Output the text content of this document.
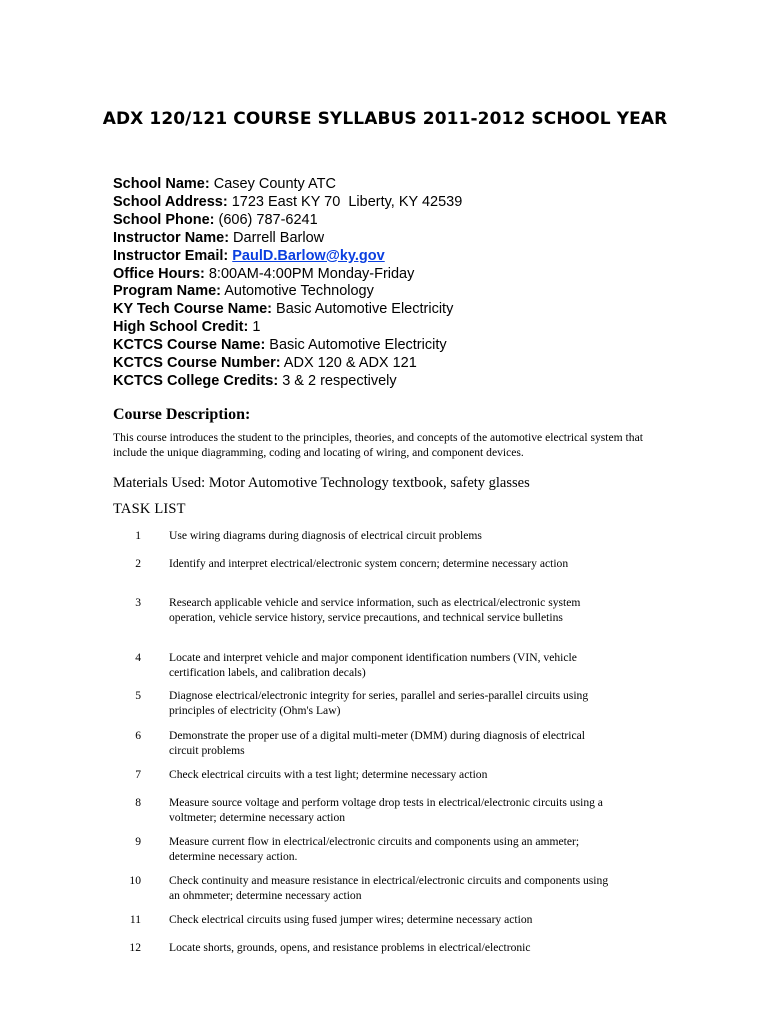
ADX 120/121 COURSE SYLLABUS 2011-2012 SCHOOL YEAR
School Name: Casey County ATC
School Address: 1723 East KY 70  Liberty, KY 42539
School Phone: (606) 787-6241
Instructor Name: Darrell Barlow
Instructor Email: PaulD.Barlow@ky.gov
Office Hours: 8:00AM-4:00PM Monday-Friday
Program Name: Automotive Technology
KY Tech Course Name: Basic Automotive Electricity
High School Credit: 1
KCTCS Course Name: Basic Automotive Electricity
KCTCS Course Number: ADX 120 & ADX 121
KCTCS College Credits: 3 & 2 respectively
Course Description:
This course introduces the student to the principles, theories, and concepts of the automotive electrical system that include the unique diagramming, coding and locating of wiring, and component devices.
Materials Used: Motor Automotive Technology textbook, safety glasses
TASK LIST
1 Use wiring diagrams during diagnosis of electrical circuit problems
2 Identify and interpret electrical/electronic system concern; determine necessary action
3 Research applicable vehicle and service information, such as electrical/electronic system operation, vehicle service history, service precautions, and technical service bulletins
4 Locate and interpret vehicle and major component identification numbers (VIN, vehicle certification labels, and calibration decals)
5 Diagnose electrical/electronic integrity for series, parallel and series-parallel circuits using principles of electricity (Ohm's Law)
6 Demonstrate the proper use of a digital multi-meter (DMM) during diagnosis of electrical circuit problems
7 Check electrical circuits with a test light; determine necessary action
8 Measure source voltage and perform voltage drop tests in electrical/electronic circuits using a voltmeter; determine necessary action
9 Measure current flow in electrical/electronic circuits and components using an ammeter; determine necessary action.
10 Check continuity and measure resistance in electrical/electronic circuits and components using an ohmmeter; determine necessary action
11 Check electrical circuits using fused jumper wires; determine necessary action
12 Locate shorts, grounds, opens, and resistance problems in electrical/electronic
